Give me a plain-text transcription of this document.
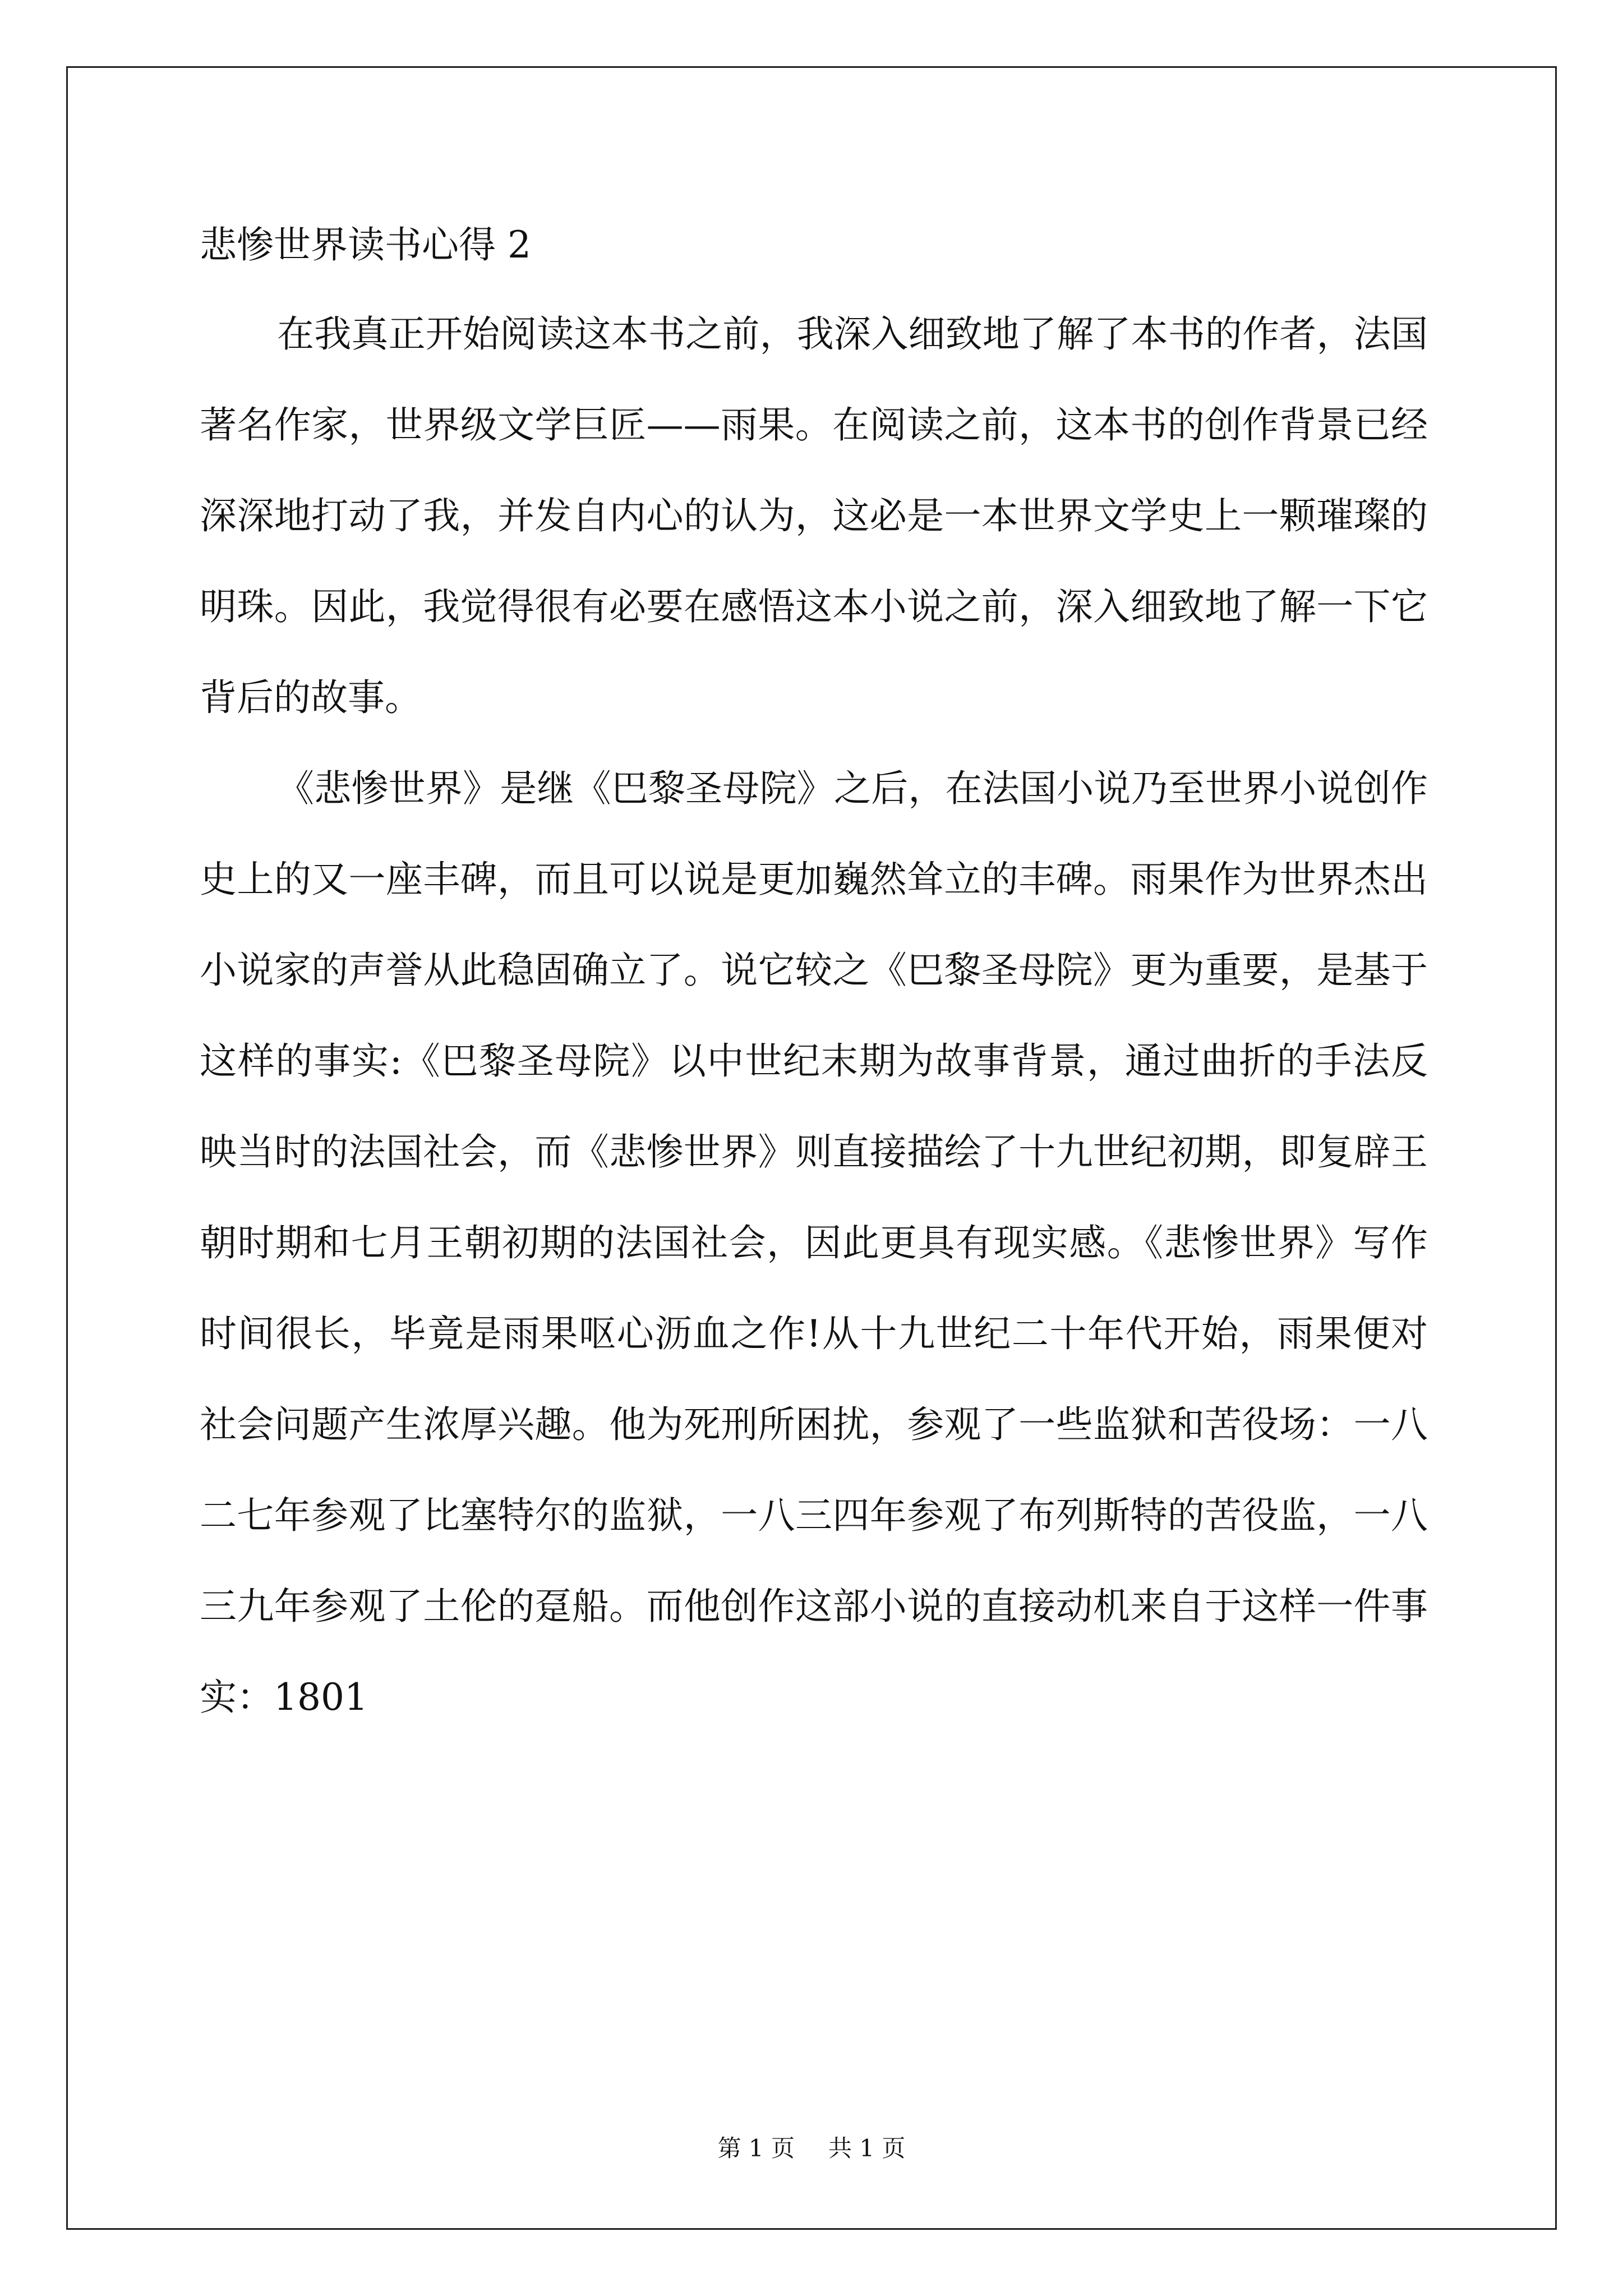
悲惨世界读书心得 2

在我真正开始阅读这本书之前，我深入细致地了解了本书的作者，法国著名作家，世界级文学巨匠——雨果。在阅读之前，这本书的创作背景已经深深地打动了我，并发自内心的认为，这必是一本世界文学史上一颗璀璨的明珠。因此，我觉得很有必要在感悟这本小说之前，深入细致地了解一下它背后的故事。

《悲惨世界》是继《巴黎圣母院》之后，在法国小说乃至世界小说创作史上的又一座丰碑，而且可以说是更加巍然耸立的丰碑。雨果作为世界杰出小说家的声誉从此稳固确立了。说它较之《巴黎圣母院》更为重要，是基于这样的事实:《巴黎圣母院》以中世纪末期为故事背景，通过曲折的手法反映当时的法国社会，而《悲惨世界》则直接描绘了十九世纪初期，即复辟王朝时期和七月王朝初期的法国社会，因此更具有现实感。《悲惨世界》写作时间很长，毕竟是雨果呕心沥血之作!从十九世纪二十年代开始，雨果便对社会问题产生浓厚兴趣。他为死刑所困扰，参观了一些监狱和苦役场：一八二七年参观了比塞特尔的监狱，一八三四年参观了布列斯特的苦役监，一八三九年参观了土伦的趸船。而他创作这部小说的直接动机来自于这样一件事实：1801

第 1 页 共 1 页
